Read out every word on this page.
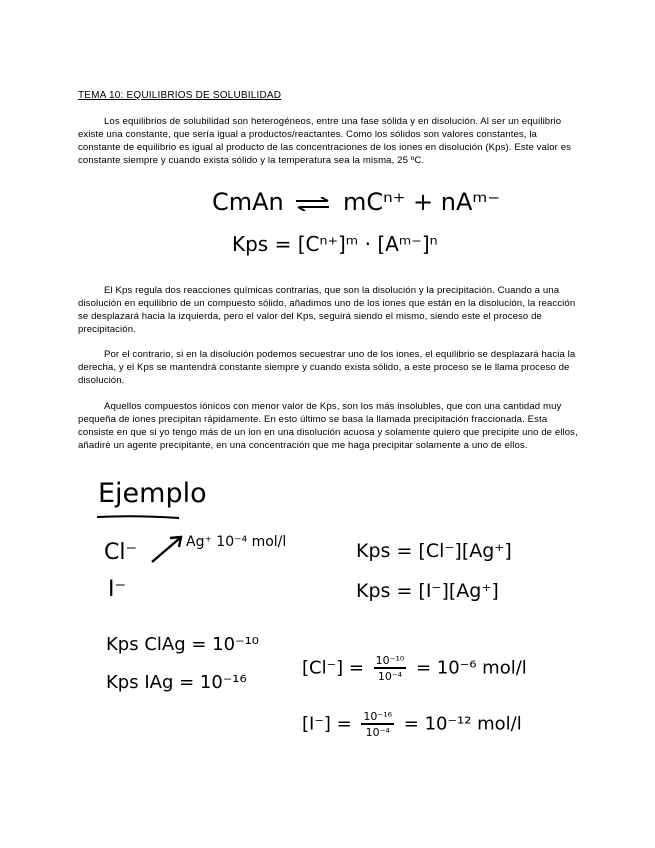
TEMA 10: EQUILIBRIOS DE SOLUBILIDAD

Los equilibrios de solubilidad son heterogéneos, entre una fase sólida y en disolución. Al ser un equilibrio existe una constante, que sería igual a productos/reactantes. Como los sólidos son valores constantes, la constante de equilibrio es igual al producto de las concentraciones de los iones en disolución (Kps). Este valor es constante siempre y cuando exista sólido y la temperatura sea la misma, 25 ºC.

CmAn ⇌ mCⁿ⁺ + nAᵐ⁻
Kps = [Cⁿ⁺]ᵐ · [Aᵐ⁻]ⁿ

El Kps regula dos reacciones químicas contrarias, que son la disolución y la precipitación. Cuando a una disolución en equilibrio de un compuesto sólido, añadimos uno de los iones que están en la disolución, la reacción se desplazará hacia la izquierda, pero el valor del Kps, seguirá siendo el mismo, siendo este el proceso de precipitación.

Por el contrario, si en la disolución podemos secuestrar uno de los iones, el equilibrio se desplazará hacia la derecha, y el Kps se mantendrá constante siempre y cuando exista sólido, a este proceso se le llama proceso de disolución.

Aquellos compuestos iónicos con menor valor de Kps, son los más insolubles, que con una cantidad muy pequeña de iones precipitan rápidamente. En esto último se basa la llamada precipitación fraccionada. Esta consiste en que si yo tengo más de un ion en una disolución acuosa y solamente quiero que precipite uno de ellos, añadiré un agente precipitante, en una concentración que me haga precipitar solamente a uno de ellos.

Ejemplo
Cl⁻	Ag⁺ 10⁻⁴ mol/l
I⁻
Kps = [Cl⁻][Ag⁺]
Kps = [I⁻][Ag⁺]
Kps ClAg = 10⁻¹⁰
Kps IAg = 10⁻¹⁶
$[Cl^-] = \frac{\text{10⁻¹⁰}}{\text{10⁻⁴}} = 10^{-6}$ mol/l
$[I^-] = \frac{\text{10⁻¹⁶}}{\text{10⁻⁴}} = 10^{-12}$ mol/l
